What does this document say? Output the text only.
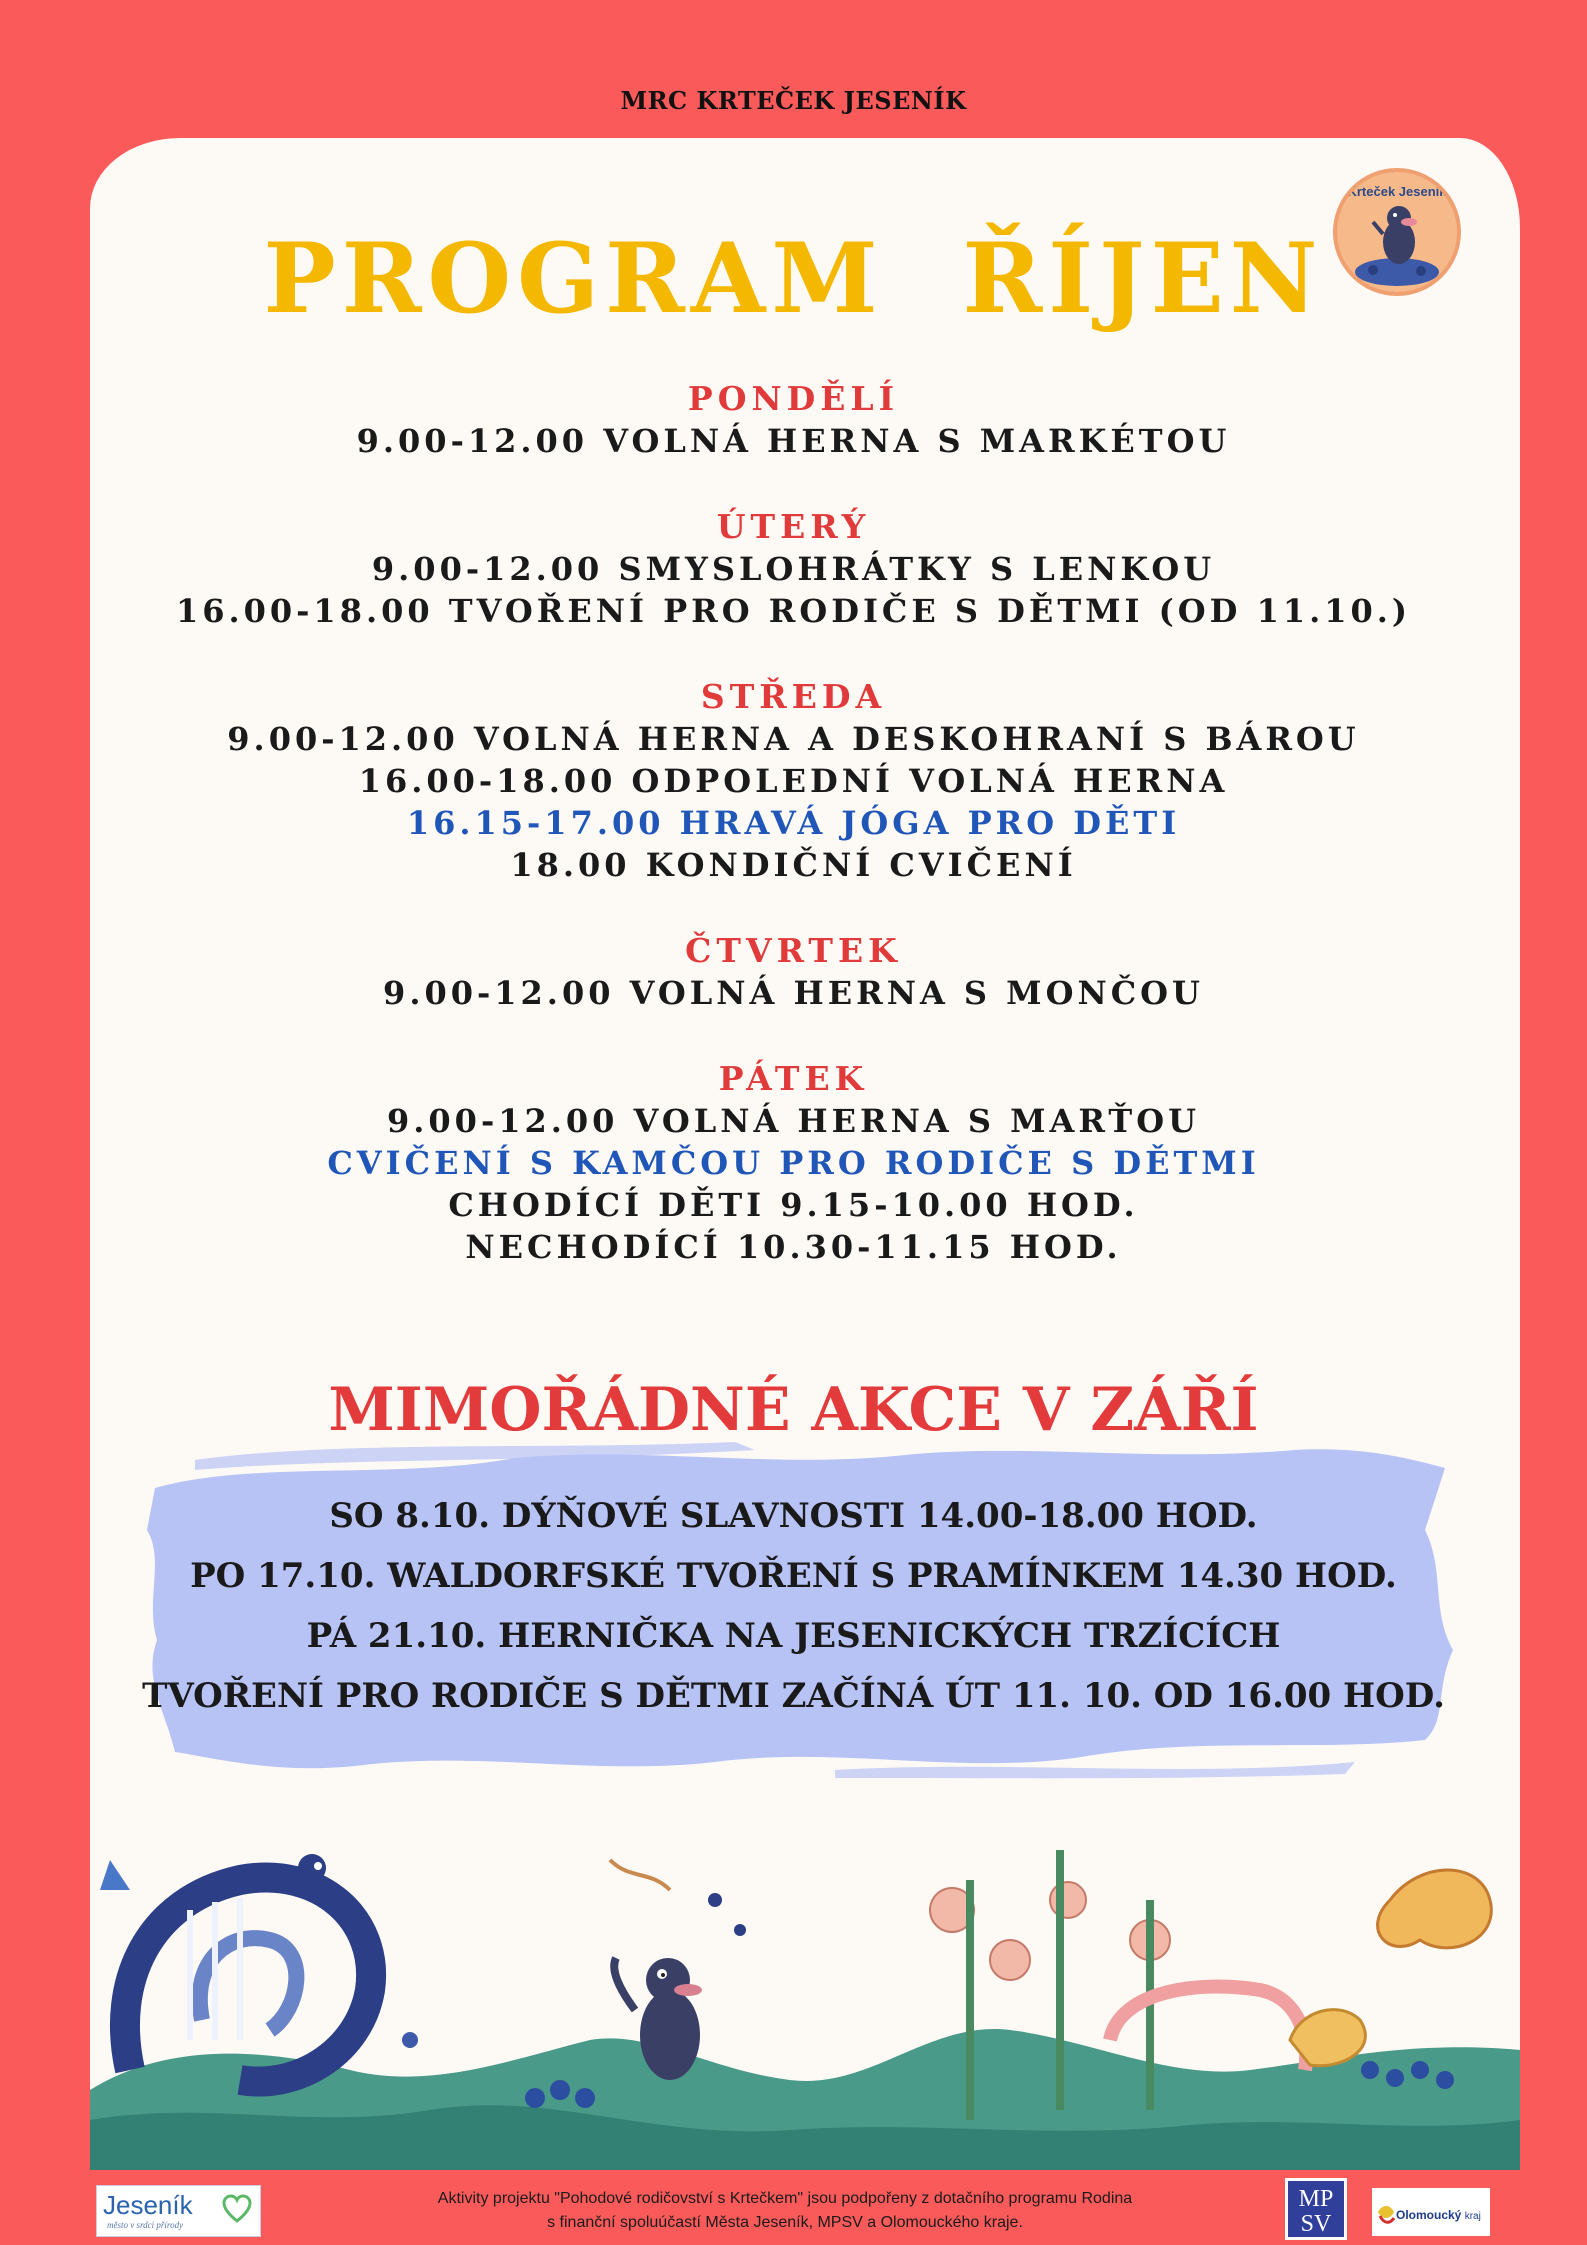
MRC KRTEČEK JESENÍK
Krteček Jeseník
PROGRAM  ŘÍJEN
PONDĚLÍ
9.00-12.00 VOLNÁ HERNA S MARKÉTOU
ÚTERÝ
9.00-12.00 SMYSLOHRÁTKY S LENKOU
16.00-18.00 TVOŘENÍ PRO RODIČE S DĚTMI (OD 11.10.)
STŘEDA
9.00-12.00 VOLNÁ HERNA A DESKOHRANÍ S BÁROU
16.00-18.00 ODPOLEDNÍ VOLNÁ HERNA
16.15-17.00 HRAVÁ JÓGA PRO DĚTI
18.00 KONDIČNÍ CVIČENÍ
ČTVRTEK
9.00-12.00 VOLNÁ HERNA S MONČOU
PÁTEK
9.00-12.00 VOLNÁ HERNA S MARŤOU
CVIČENÍ S KAMČOU PRO RODIČE S DĚTMI
CHODÍCÍ DĚTI 9.15-10.00 HOD.
NECHODÍCÍ 10.30-11.15 HOD.
MIMOŘÁDNÉ AKCE V ZÁŘÍ
SO 8.10. DÝŇOVÉ SLAVNOSTI 14.00-18.00 HOD.
PO 17.10. WALDORFSKÉ TVOŘENÍ S PRAMÍNKEM 14.30 HOD.
PÁ 21.10. HERNIČKA NA JESENICKÝCH TRZÍCÍCH
TVOŘENÍ PRO RODIČE S DĚTMI ZAČÍNÁ ÚT 11. 10. OD 16.00 HOD.
Jeseník
město v srdci přírody
Aktivity projektu "Pohodové rodičovství s Krtečkem" jsou podpořeny z dotačního programu Rodina
s finanční spoluúčastí Města Jeseník, MPSV a Olomouckého kraje.
MP
SV	Olomoucký kraj
